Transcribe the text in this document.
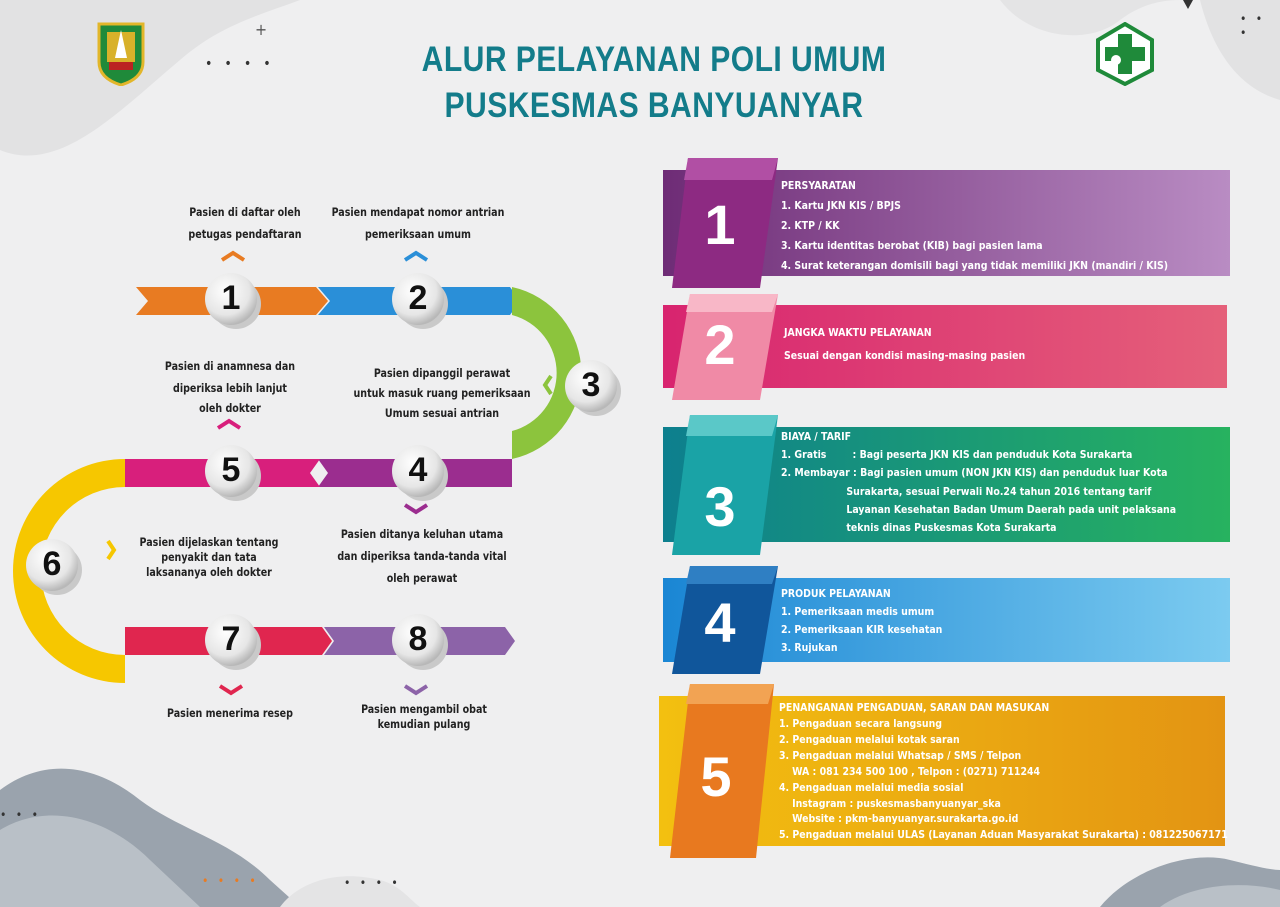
• • • •
• • •
+
ALUR PELAYANAN POLI UMUM
PUSKESMAS BANYUANYAR
1	2
3
4
5
6
7	8
Pasien di daftar oleh
petugas pendaftaran
Pasien mendapat nomor antrian
pemeriksaan umum
Pasien dipanggil perawat
untuk masuk ruang pemeriksaan
Umum sesuai antrian
Pasien ditanya keluhan utama
dan diperiksa tanda-tanda vital
oleh perawat
Pasien di anamnesa dan
diperiksa lebih lanjut
oleh dokter
Pasien dijelaskan tentang
penyakit dan tata
laksananya oleh dokter
Pasien menerima resep	Pasien mengambil obat
kemudian pulang
1
2
3
4
5
PERSYARATAN
1. Kartu JKN KIS / BPJS
2. KTP / KK
3. Kartu identitas berobat (KIB) bagi pasien lama
4. Surat keterangan domisili bagi yang tidak memiliki JKN (mandiri / KIS)
JANGKA WAKTU PELAYANAN
Sesuai dengan kondisi masing-masing pasien
BIAYA / TARIF
1. Gratis        : Bagi peserta JKN KIS dan penduduk Kota Surakarta
2. Membayar : Bagi pasien umum (NON JKN KIS) dan penduduk luar Kota
Surakarta, sesuai Perwali No.24 tahun 2016 tentang tarif
Layanan Kesehatan Badan Umum Daerah pada unit pelaksana
teknis dinas Puskesmas Kota Surakarta
PRODUK PELAYANAN
1. Pemeriksaan medis umum
2. Pemeriksaan KIR kesehatan
3. Rujukan
PENANGANAN PENGADUAN, SARAN DAN MASUKAN
1. Pengaduan secara langsung
2. Pengaduan melalui kotak saran
3. Pengaduan melalui Whatsap / SMS / Telpon
WA : 081 234 500 100 , Telpon : (0271) 711244
4. Pengaduan melalui media sosial
Instagram : puskesmasbanyuanyar_ska
Website : pkm-banyuanyar.surakarta.go.id
5. Pengaduan melalui ULAS (Layanan Aduan Masyarakat Surakarta) : 081225067171
• • • •	• • • •
• • •
